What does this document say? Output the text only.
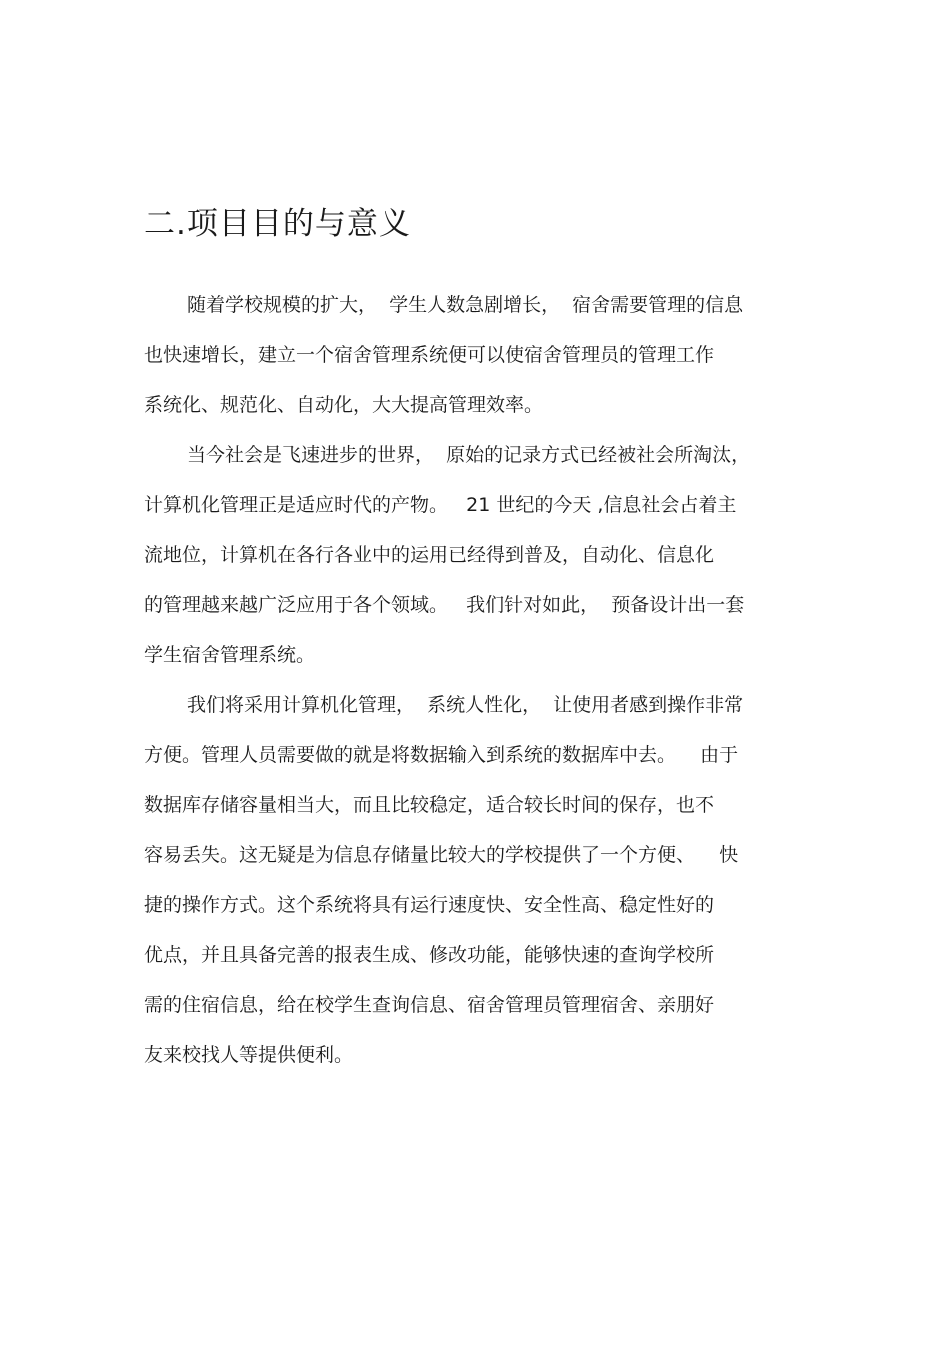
二.项目目的与意义
随着学校规模的扩大，  学生人数急剧增长，  宿舍需要管理的信息
也快速增长，建立一个宿舍管理系统便可以使宿舍管理员的管理工作
系统化、规范化、自动化，大大提高管理效率。
当今社会是飞速进步的世界，  原始的记录方式已经被社会所淘汰，
计算机化管理正是适应时代的产物。   21 世纪的今天 ,信息社会占着主
流地位，计算机在各行各业中的运用已经得到普及，自动化、信息化
的管理越来越广泛应用于各个领域。   我们针对如此，  预备设计出一套
学生宿舍管理系统。
我们将采用计算机化管理，  系统人性化，  让使用者感到操作非常
方便。管理人员需要做的就是将数据输入到系统的数据库中去。    由于
数据库存储容量相当大，而且比较稳定，适合较长时间的保存，也不
容易丢失。这无疑是为信息存储量比较大的学校提供了一个方便、    快
捷的操作方式。这个系统将具有运行速度快、安全性高、稳定性好的
优点，并且具备完善的报表生成、修改功能，能够快速的查询学校所
需的住宿信息，给在校学生查询信息、宿舍管理员管理宿舍、亲朋好
友来校找人等提供便利。
